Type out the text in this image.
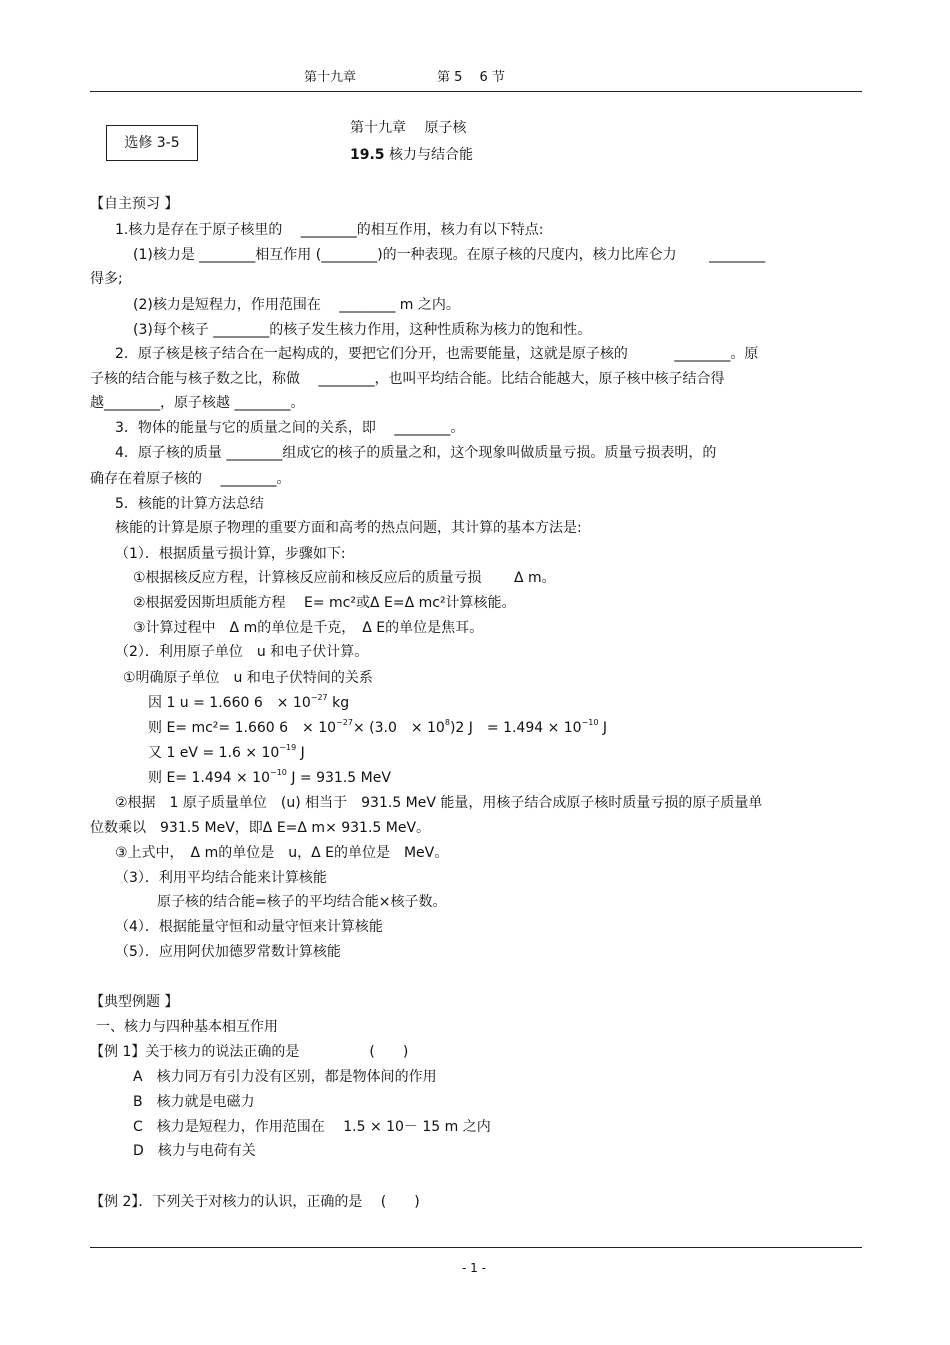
第十九章	第 5　 6 节
选修 3-5
第十九章　 原子核
19.5 核力与结合能
【自主预习 】
1.核力是存在于原子核里的　 ________的相互作用，核力有以下特点:
(1)核力是 ________相互作用 (________)的一种表现。在原子核的尺度内，核力比库仑力　　 ________
得多;
(2)核力是短程力，作用范围在　 ________ m 之内。
(3)每个核子 ________的核子发生核力作用，这种性质称为核力的饱和性。
2．原子核是核子结合在一起构成的，要把它们分开，也需要能量，这就是原子核的　　　 ________。原
子核的结合能与核子数之比，称做　 ________，也叫平均结合能。比结合能越大，原子核中核子结合得
越________，原子核越 ________。
3．物体的能量与它的质量之间的关系，即　 ________。
4．原子核的质量 ________组成它的核子的质量之和，这个现象叫做质量亏损。质量亏损表明，的
确存在着原子核的　 ________。
5．核能的计算方法总结
核能的计算是原子物理的重要方面和高考的热点问题，其计算的基本方法是:
（1）．根据质量亏损计算，步骤如下:
①根据核反应方程，计算核反应前和核反应后的质量亏损　　 Δ m。
②根据爱因斯坦质能方程　 E= mc²或Δ E=Δ mc²计算核能。
③计算过程中　Δ m的单位是千克，　Δ E的单位是焦耳。
（2）．利用原子单位　u 和电子伏计算。
①明确原子单位　u 和电子伏特间的关系
因 1 u = 1.660 6　× $10^{-27}$ kg
则 E= mc²= 1.660 6　× $10^{-27}\times (3.0$　× $10^8)2$ J　= $1.494 \times 10^{-10}$ J
又 1 eV = $1.6 \times 10^{-19}$ J
则 $E= 1.494 \times 10^{-10}$ J = 931.5 MeV
②根据　1 原子质量单位　(u) 相当于　931.5 MeV 能量，用核子结合成原子核时质量亏损的原子质量单
位数乘以　931.5 MeV，即Δ E=Δ m× 931.5 MeV。
③上式中，　Δ m的单位是　u，Δ E的单位是　MeV。
（3）．利用平均结合能来计算核能
原子核的结合能=核子的平均结合能×核子数。
（4）．根据能量守恒和动量守恒来计算核能
（5）．应用阿伏加德罗常数计算核能
【典型例题 】
一、核力与四种基本相互作用
【例 1】关于核力的说法正确的是　　　　　(　　)
A　核力同万有引力没有区别，都是物体间的作用
B　核力就是电磁力
C　核力是短程力，作用范围在　 1.5 × 10－ 15 m 之内
D　核力与电荷有关
【例 2】．下列关于对核力的认识，正确的是　 (　　)
- 1 -
